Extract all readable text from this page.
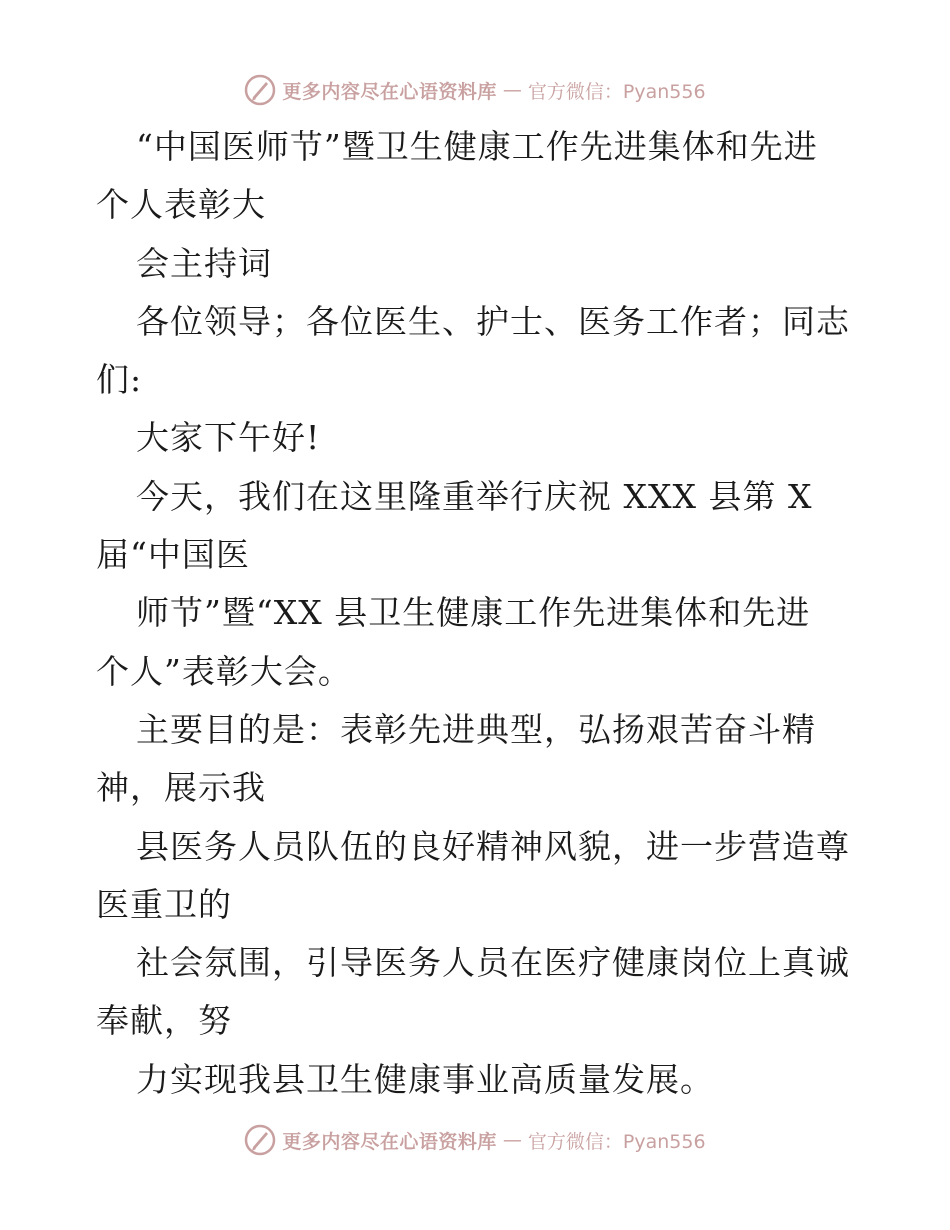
更多内容尽在心语资料库 — 官方微信：Pyan556
“中国医师节”暨卫生健康工作先进集体和先进
个人表彰大
会主持词
各位领导；各位医生、护士、医务工作者；同志
们:
大家下午好!
今天，我们在这里隆重举行庆祝 XXX 县第 X
届“中国医
师节”暨“XX 县卫生健康工作先进集体和先进
个人”表彰大会。
主要目的是：表彰先进典型，弘扬艰苦奋斗精
神，展示我
县医务人员队伍的良好精神风貌，进一步营造尊
医重卫的
社会氛围，引导医务人员在医疗健康岗位上真诚
奉献，努
力实现我县卫生健康事业高质量发展。
更多内容尽在心语资料库 — 官方微信：Pyan556
